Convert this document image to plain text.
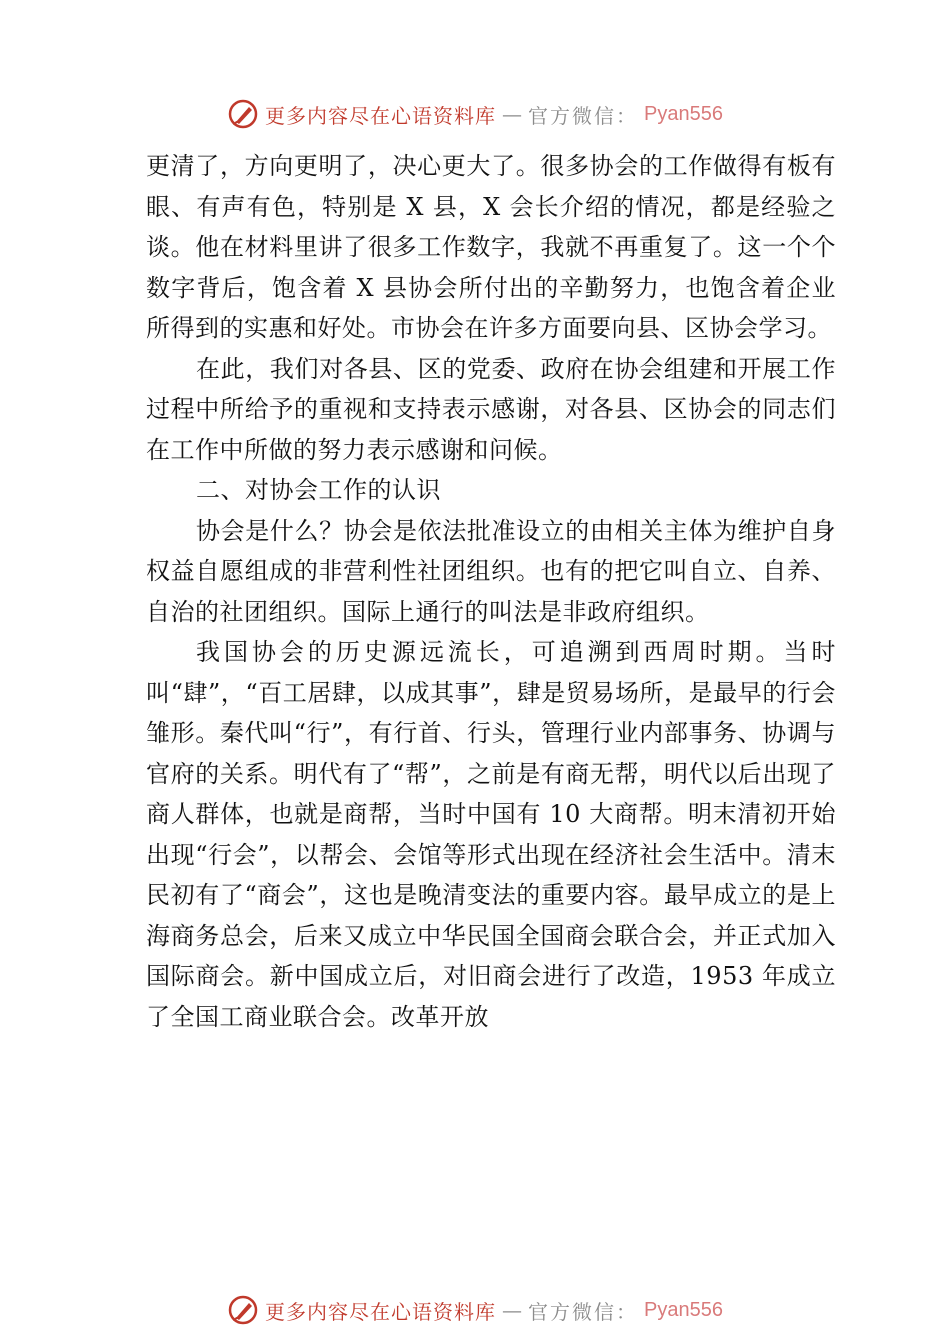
更多内容尽在心语资料库 — 官方微信： Pyan556

更清了，方向更明了，决心更大了。很多协会的工作做得有板有眼、有声有色，特别是 X 县，X 会长介绍的情况，都是经验之谈。他在材料里讲了很多工作数字，我就不再重复了。这一个个数字背后，饱含着 X 县协会所付出的辛勤努力，也饱含着企业所得到的实惠和好处。市协会在许多方面要向县、区协会学习。

在此，我们对各县、区的党委、政府在协会组建和开展工作过程中所给予的重视和支持表示感谢，对各县、区协会的同志们在工作中所做的努力表示感谢和问候。

二、对协会工作的认识

协会是什么？协会是依法批准设立的由相关主体为维护自身权益自愿组成的非营利性社团组织。也有的把它叫自立、自养、自治的社团组织。国际上通行的叫法是非政府组织。

我国协会的历史源远流长，可追溯到西周时期。当时叫“肆”，“百工居肆，以成其事”，肆是贸易场所，是最早的行会雏形。秦代叫“行”，有行首、行头，管理行业内部事务、协调与官府的关系。明代有了“帮”，之前是有商无帮，明代以后出现了商人群体，也就是商帮，当时中国有 10 大商帮。明末清初开始出现“行会”，以帮会、会馆等形式出现在经济社会生活中。清末民初有了“商会”，这也是晚清变法的重要内容。最早成立的是上海商务总会，后来又成立中华民国全国商会联合会，并正式加入国际商会。新中国成立后，对旧商会进行了改造，1953 年成立了全国工商业联合会。改革开放

更多内容尽在心语资料库 — 官方微信： Pyan556
